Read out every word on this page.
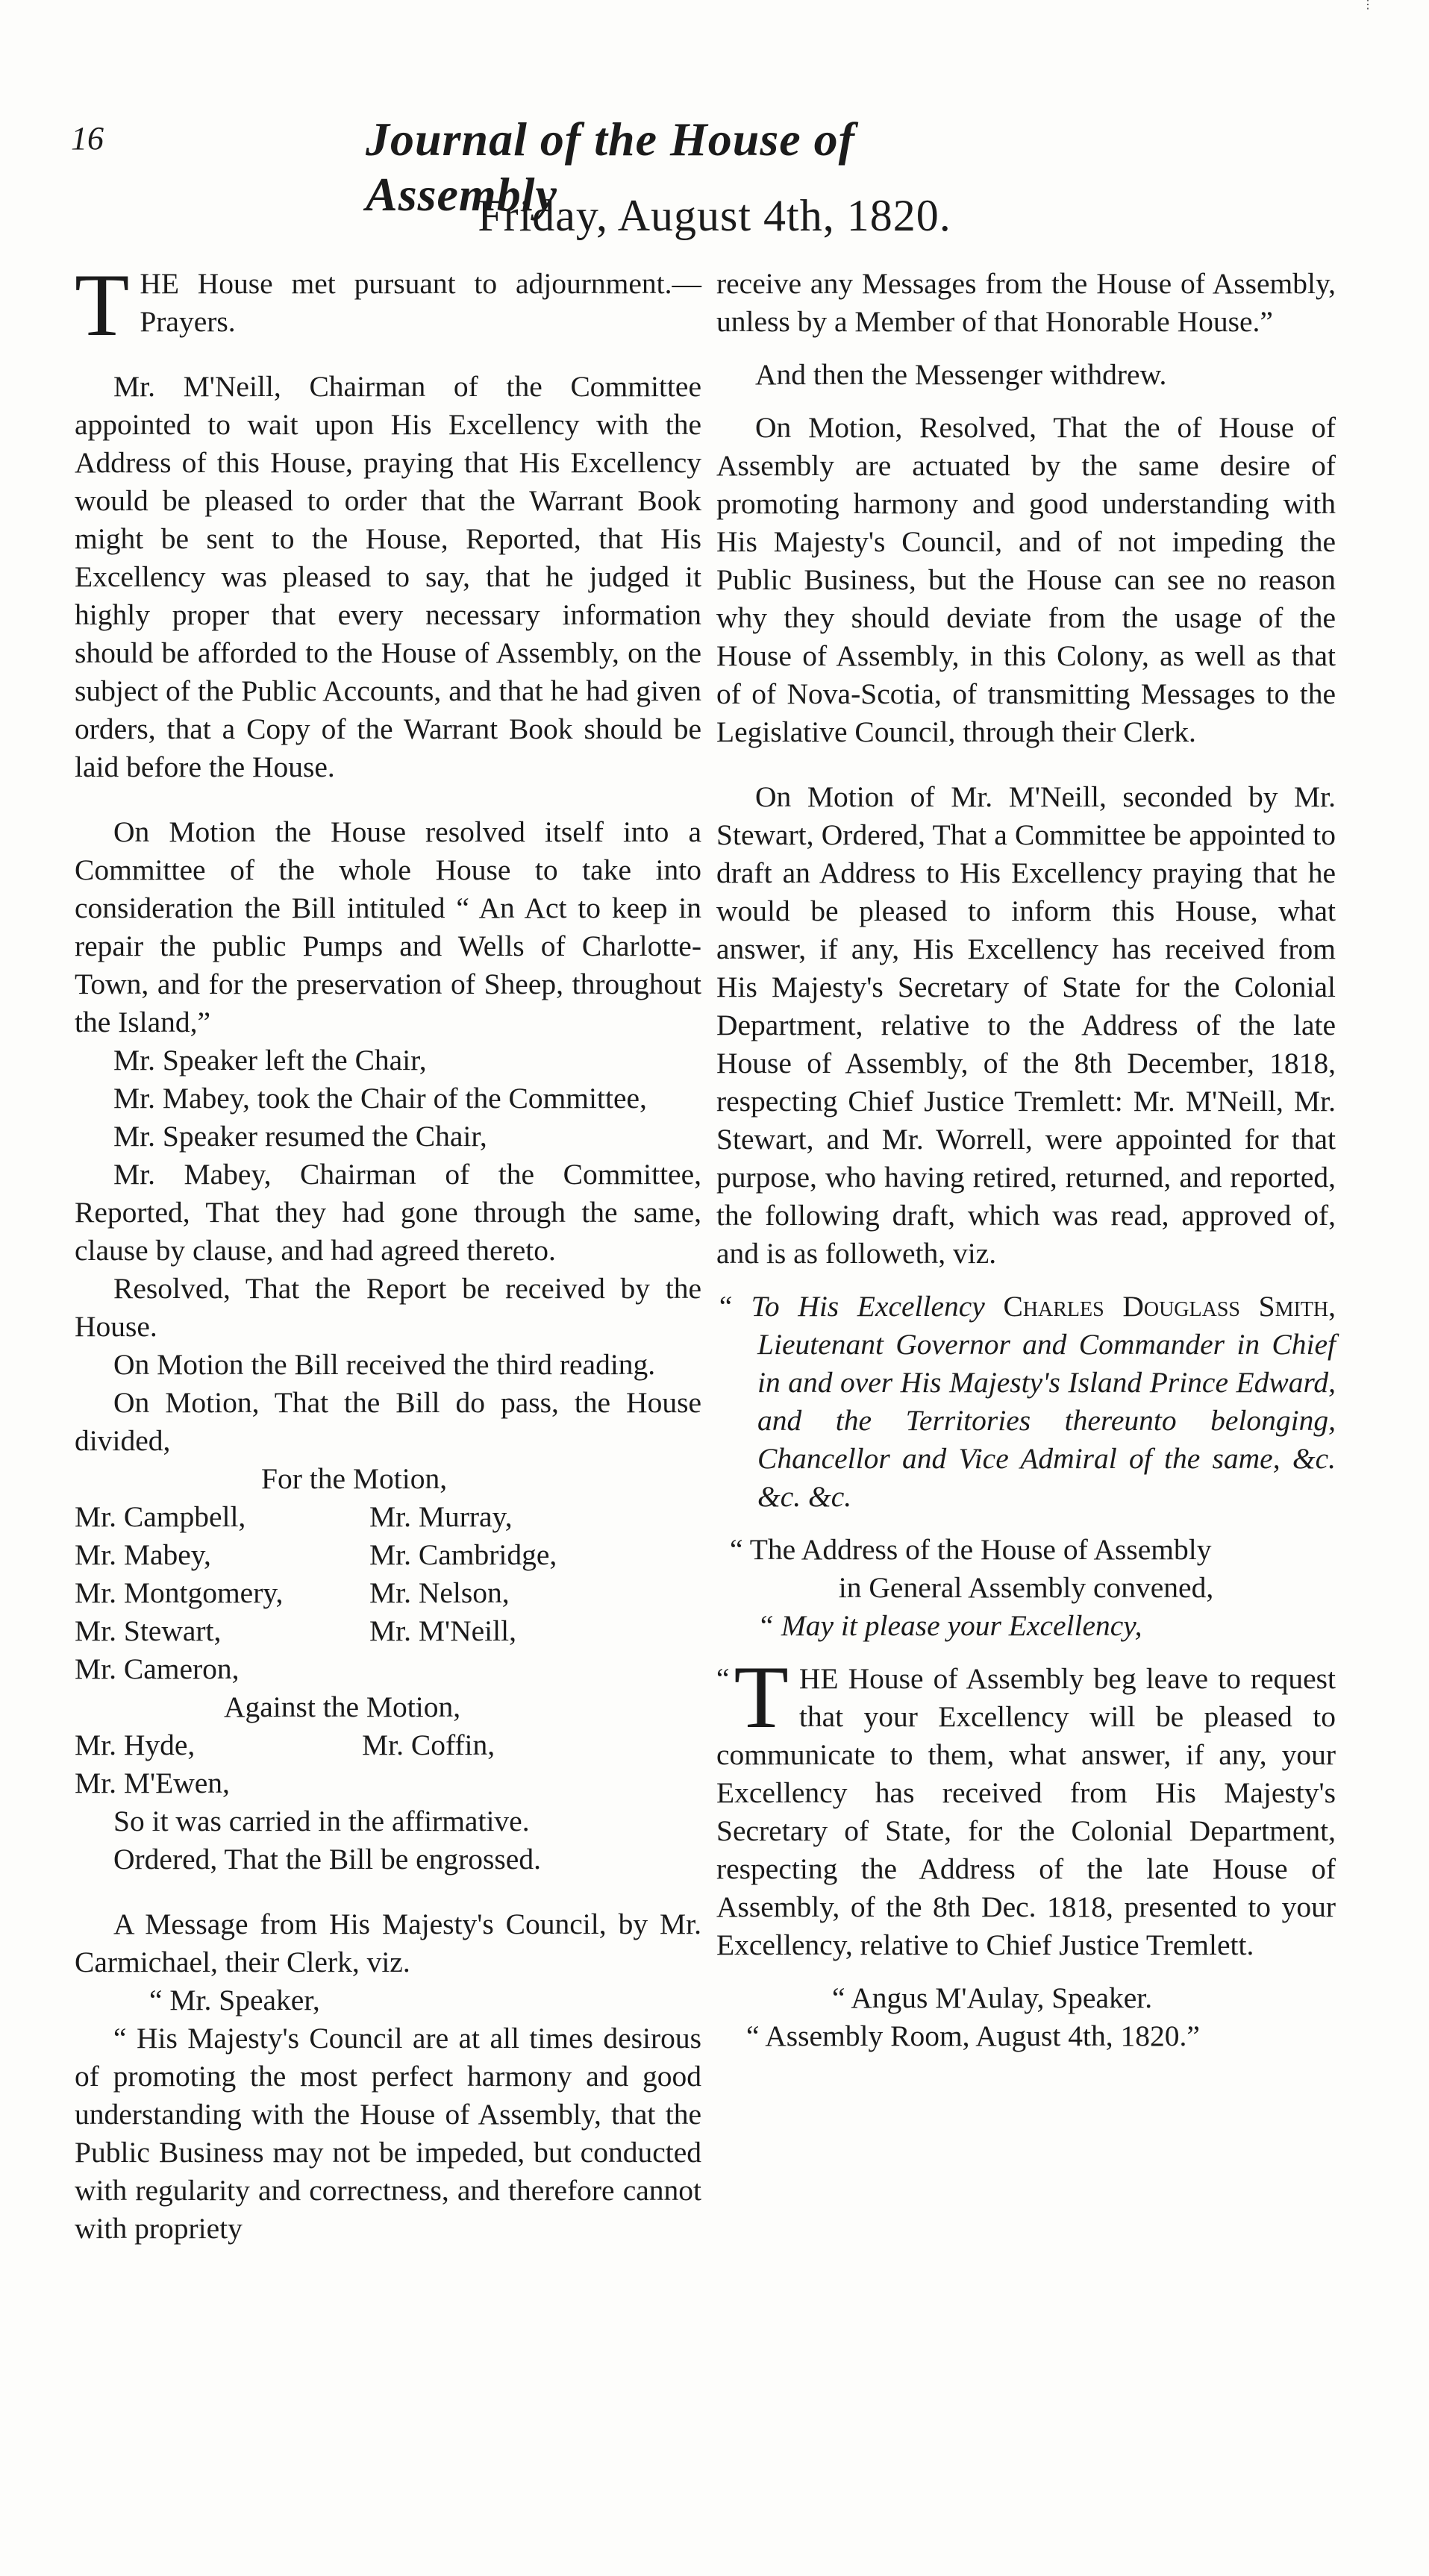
⋮
16	Journal of the House of Assembly
Friday, August 4th, 1820.

THE House met pursuant to adjournment.—Prayers.

Mr. M'Neill, Chairman of the Committee appointed to wait upon His Excellency with the Address of this House, praying that His Excellency would be pleased to order that the Warrant Book might be sent to the House, Reported, that His Excellency was pleased to say, that he judged it highly proper that every necessary information should be afforded to the House of Assembly, on the subject of the Public Accounts, and that he had given orders, that a Copy of the Warrant Book should be laid before the House.

On Motion the House resolved itself into a Committee of the whole House to take into consideration the Bill intituled “ An Act to keep in repair the public Pumps and Wells of Charlotte-Town, and for the preservation of Sheep, throughout the Island,”

Mr. Speaker left the Chair,

Mr. Mabey, took the Chair of the Committee,

Mr. Speaker resumed the Chair,

Mr. Mabey, Chairman of the Committee, Reported, That they had gone through the same, clause by clause, and had agreed thereto.

Resolved, That the Report be received by the House.

On Motion the Bill received the third reading.

On Motion, That the Bill do pass, the House divided,

For the Motion,

Mr. Campbell,	Mr. Murray,
Mr. Mabey,	Mr. Cambridge,
Mr. Montgomery,	Mr. Nelson,
Mr. Stewart,	Mr. M'Neill,
Mr. Cameron,

Against the Motion,

Mr. Hyde,	Mr. Coffin,
Mr. M'Ewen,

So it was carried in the affirmative.

Ordered, That the Bill be engrossed.

A Message from His Majesty's Council, by Mr. Carmichael, their Clerk, viz.

“ Mr. Speaker,

“ His Majesty's Council are at all times desirous of promoting the most perfect harmony and good understanding with the House of Assembly, that the Public Business may not be impeded, but conducted with regularity and correctness, and therefore cannot with propriety

receive any Messages from the House of Assembly, unless by a Member of that Honorable House.”

And then the Messenger withdrew.

On Motion, Resolved, That the of House of Assembly are actuated by the same desire of promoting harmony and good understanding with His Majesty's Council, and of not impeding the Public Business, but the House can see no reason why they should deviate from the usage of the House of Assembly, in this Colony, as well as that of of Nova-Scotia, of transmitting Messages to the Legislative Council, through their Clerk.

On Motion of Mr. M'Neill, seconded by Mr. Stewart, Ordered, That a Committee be appointed to draft an Address to His Excellency praying that he would be pleased to inform this House, what answer, if any, His Excellency has received from His Majesty's Secretary of State for the Colonial Department, relative to the Address of the late House of Assembly, of the 8th December, 1818, respecting Chief Justice Tremlett: Mr. M'Neill, Mr. Stewart, and Mr. Worrell, were appointed for that purpose, who having retired, returned, and reported, the following draft, which was read, approved of, and is as followeth, viz.

“ To His Excellency Charles Douglass Smith, Lieutenant Governor and Commander in Chief in and over His Majesty's Island Prince Edward, and the Territories thereunto belonging, Chancellor and Vice Admiral of the same, &c. &c. &c.

“ The Address of the House of Assembly

in General Assembly convened,

“ May it please your Excellency,

“ T HE House of Assembly beg leave to request that your Excellency will be pleased to communicate to them, what answer, if any, your Excellency has received from His Majesty's Secretary of State, for the Colonial Department, respecting the Address of the late House of Assembly, of the 8th Dec. 1818, presented to your Excellency, relative to Chief Justice Tremlett.

“ Angus M'Aulay, Speaker.

“ Assembly Room, August 4th, 1820.”
